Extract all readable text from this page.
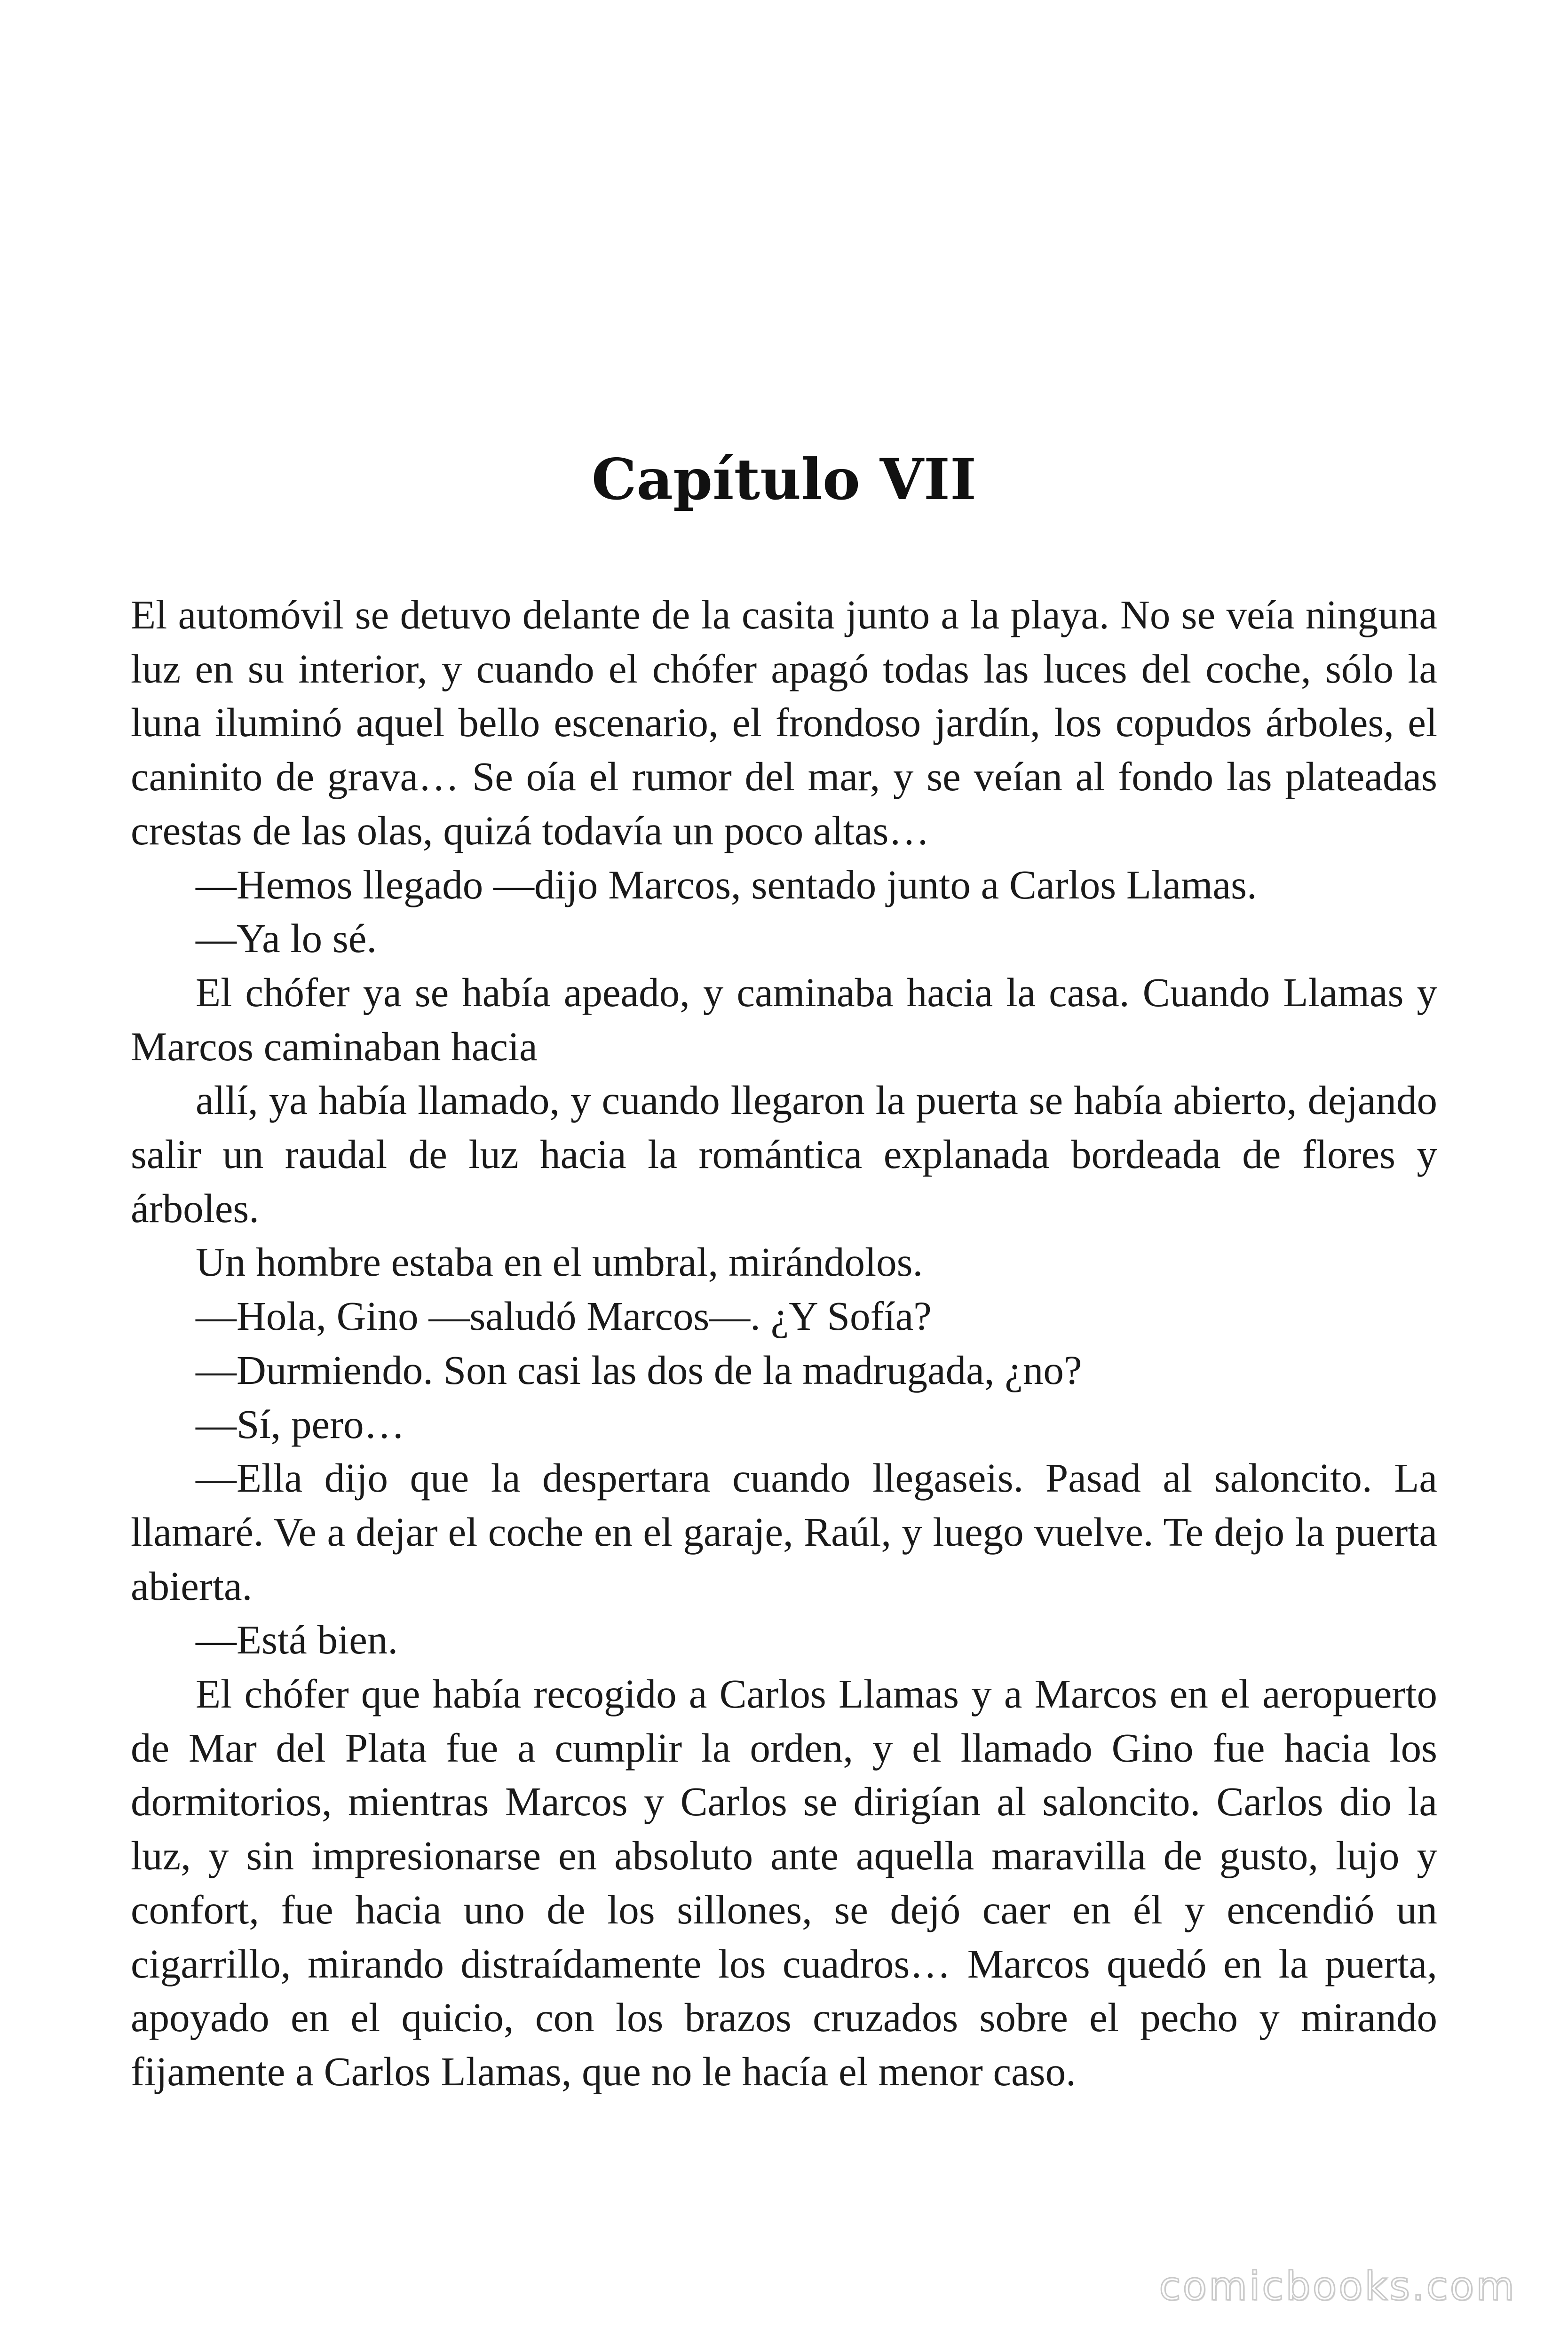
Capítulo VII

El automóvil se detuvo delante de la casita junto a la playa. No se veía ninguna luz en su interior, y cuando el chófer apagó todas las luces del coche, sólo la luna iluminó aquel bello escenario, el frondoso jardín, los copudos árboles, el caninito de grava… Se oía el rumor del mar, y se veían al fondo las plateadas crestas de las olas, quizá todavía un poco altas…

—Hemos llegado —dijo Marcos, sentado junto a Carlos Llamas.

—Ya lo sé.

El chófer ya se había apeado, y caminaba hacia la casa. Cuando Llamas y Marcos caminaban hacia

allí, ya había llamado, y cuando llegaron la puerta se había abierto, dejando salir un raudal de luz hacia la romántica explanada bordeada de flores y árboles.

Un hombre estaba en el umbral, mirándolos.

—Hola, Gino —saludó Marcos—. ¿Y Sofía?

—Durmiendo. Son casi las dos de la madrugada, ¿no?

—Sí, pero…

—Ella dijo que la despertara cuando llegaseis. Pasad al saloncito. La llamaré. Ve a dejar el coche en el garaje, Raúl, y luego vuelve. Te dejo la puerta abierta.

—Está bien.

El chófer que había recogido a Carlos Llamas y a Marcos en el aeropuerto de Mar del Plata fue a cumplir la orden, y el llamado Gino fue hacia los dormitorios, mientras Marcos y Carlos se dirigían al saloncito. Carlos dio la luz, y sin impresionarse en absoluto ante aquella maravilla de gusto, lujo y confort, fue hacia uno de los sillones, se dejó caer en él y encendió un cigarrillo, mirando distraídamente los cuadros… Marcos quedó en la puerta, apoyado en el quicio, con los brazos cruzados sobre el pecho y mirando fijamente a Carlos Llamas, que no le hacía el menor caso.

comicbooks.com
